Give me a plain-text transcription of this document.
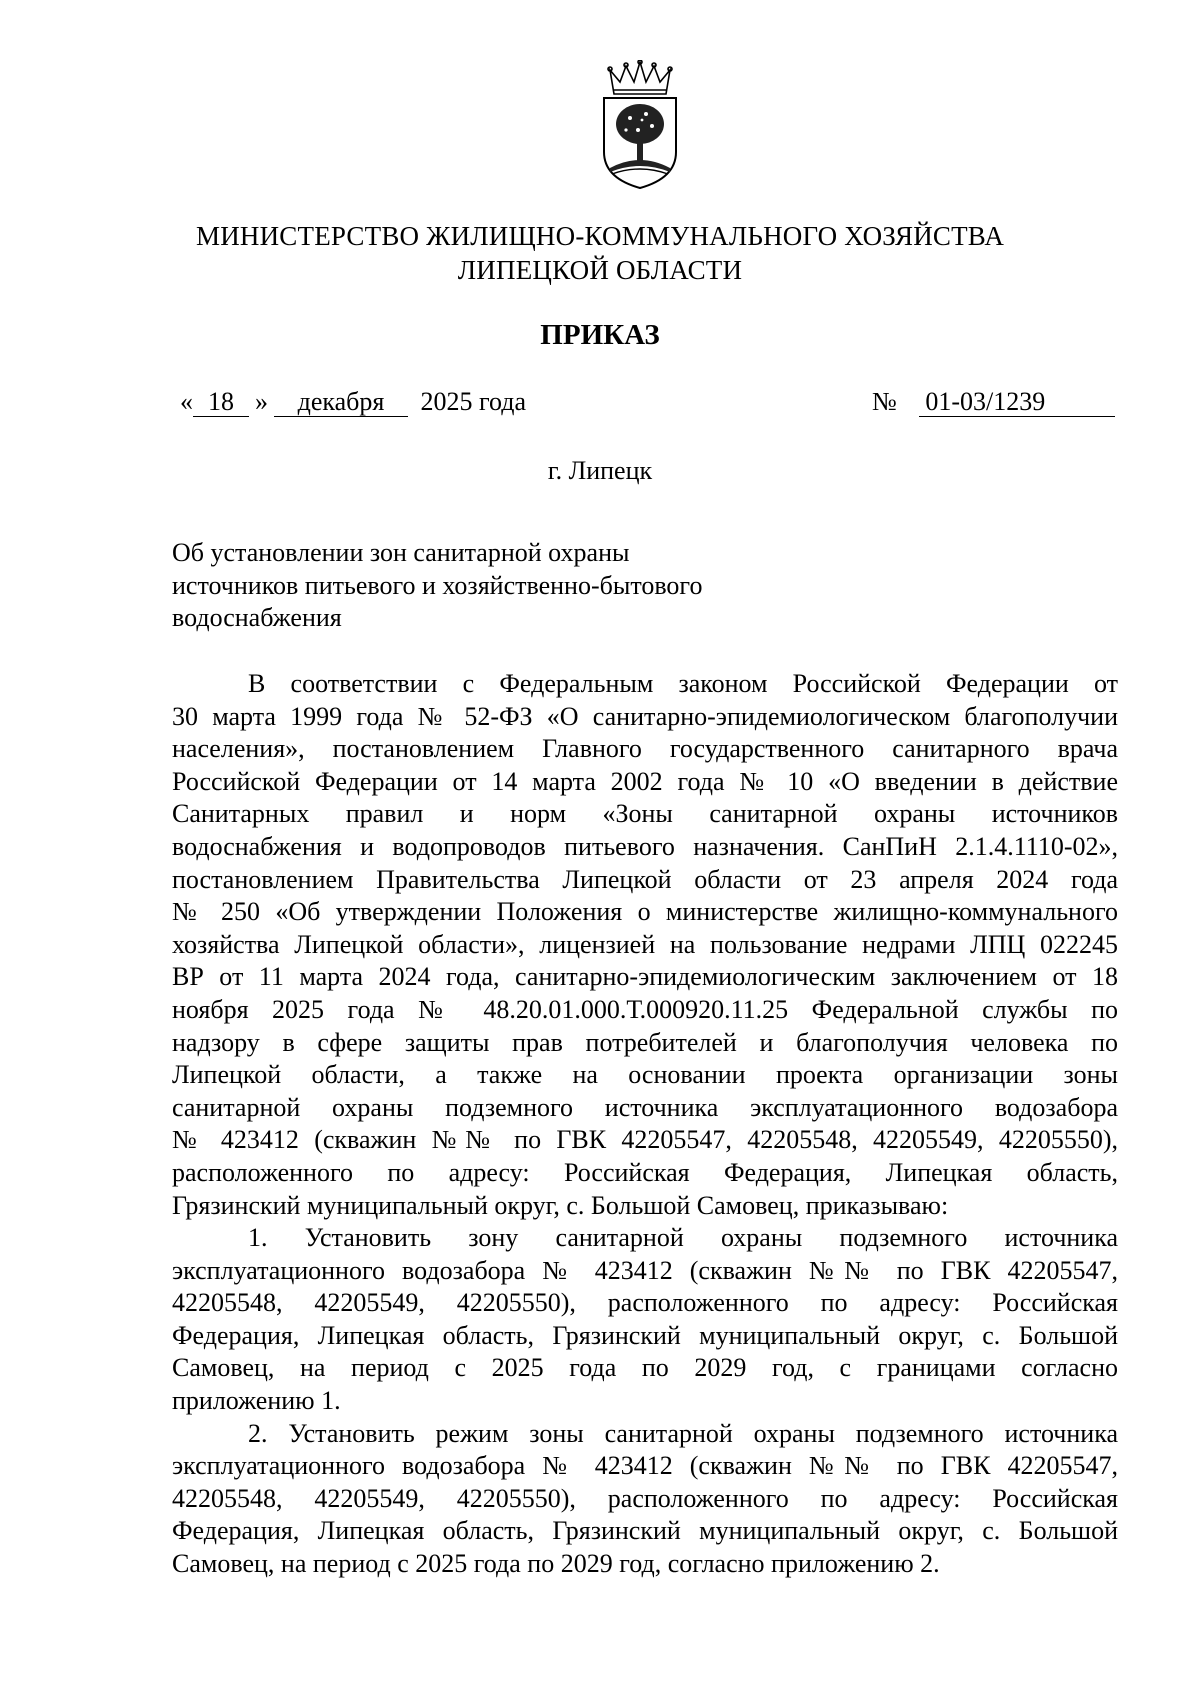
МИНИСТЕРСТВО ЖИЛИЩНО-КОММУНАЛЬНОГО ХОЗЯЙСТВА
ЛИПЕЦКОЙ ОБЛАСТИ
ПРИКАЗ
« 18 » декабря 2025 года	№ 01-03/1239
г. Липецк
Об установлении зон санитарной охраны
источников питьевого и хозяйственно-бытового
водоснабжения
В соответствии с Федеральным законом Российской Федерации от
30 марта 1999 года № 52-ФЗ «О санитарно-эпидемиологическом благополучии
населения», постановлением Главного государственного санитарного врача
Российской Федерации от 14 марта 2002 года № 10 «О введении в действие
Санитарных правил и норм «Зоны санитарной охраны источников
водоснабжения и водопроводов питьевого назначения. СанПиН 2.1.4.1110-02»,
постановлением Правительства Липецкой области от 23 апреля 2024 года
№ 250 «Об утверждении Положения о министерстве жилищно-коммунального
хозяйства Липецкой области», лицензией на пользование недрами ЛПЦ 022245
ВР от 11 марта 2024 года, санитарно-эпидемиологическим заключением от 18
ноября 2025 года № 48.20.01.000.Т.000920.11.25 Федеральной службы по
надзору в сфере защиты прав потребителей и благополучия человека по
Липецкой области, а также на основании проекта организации зоны
санитарной охраны подземного источника эксплуатационного водозабора
№ 423412 (скважин №№ по ГВК 42205547, 42205548, 42205549, 42205550),
расположенного по адресу: Российская Федерация, Липецкая область,
Грязинский муниципальный округ, с. Большой Самовец, приказываю:
1. Установить зону санитарной охраны подземного источника
эксплуатационного водозабора № 423412 (скважин №№ по ГВК 42205547,
42205548, 42205549, 42205550), расположенного по адресу: Российская
Федерация, Липецкая область, Грязинский муниципальный округ, с. Большой
Самовец, на период с 2025 года по 2029 год, с границами согласно
приложению 1.
2. Установить режим зоны санитарной охраны подземного источника
эксплуатационного водозабора № 423412 (скважин №№ по ГВК 42205547,
42205548, 42205549, 42205550), расположенного по адресу: Российская
Федерация, Липецкая область, Грязинский муниципальный округ, с. Большой
Самовец, на период с 2025 года по 2029 год, согласно приложению 2.
